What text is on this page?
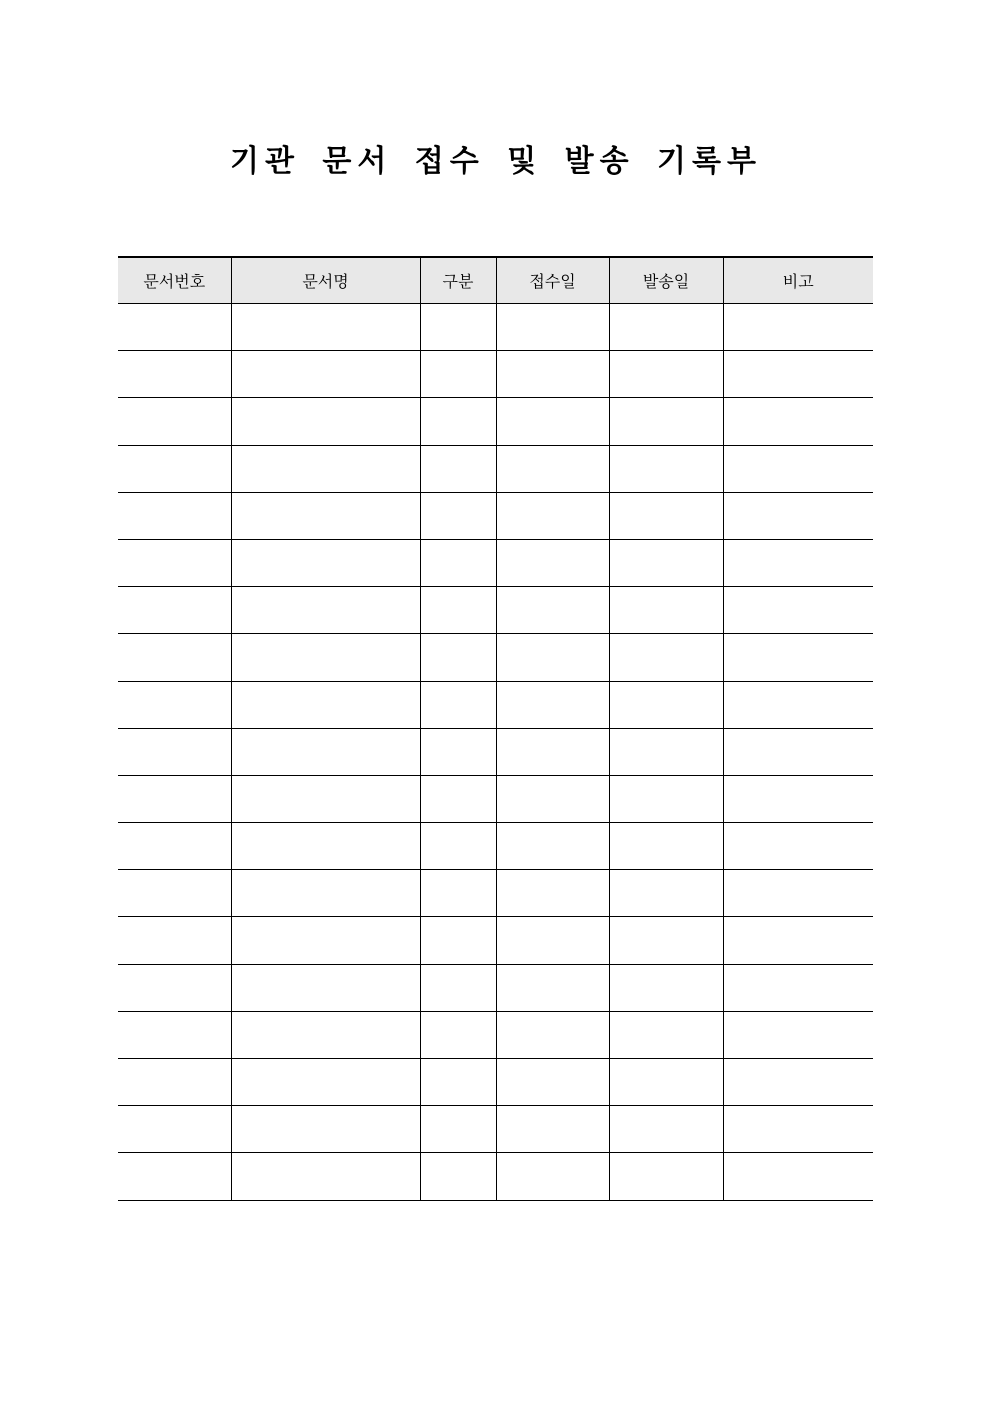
기관 문서 접수 및 발송 기록부
문서번호	문서명	구분	접수일	발송일	비고
